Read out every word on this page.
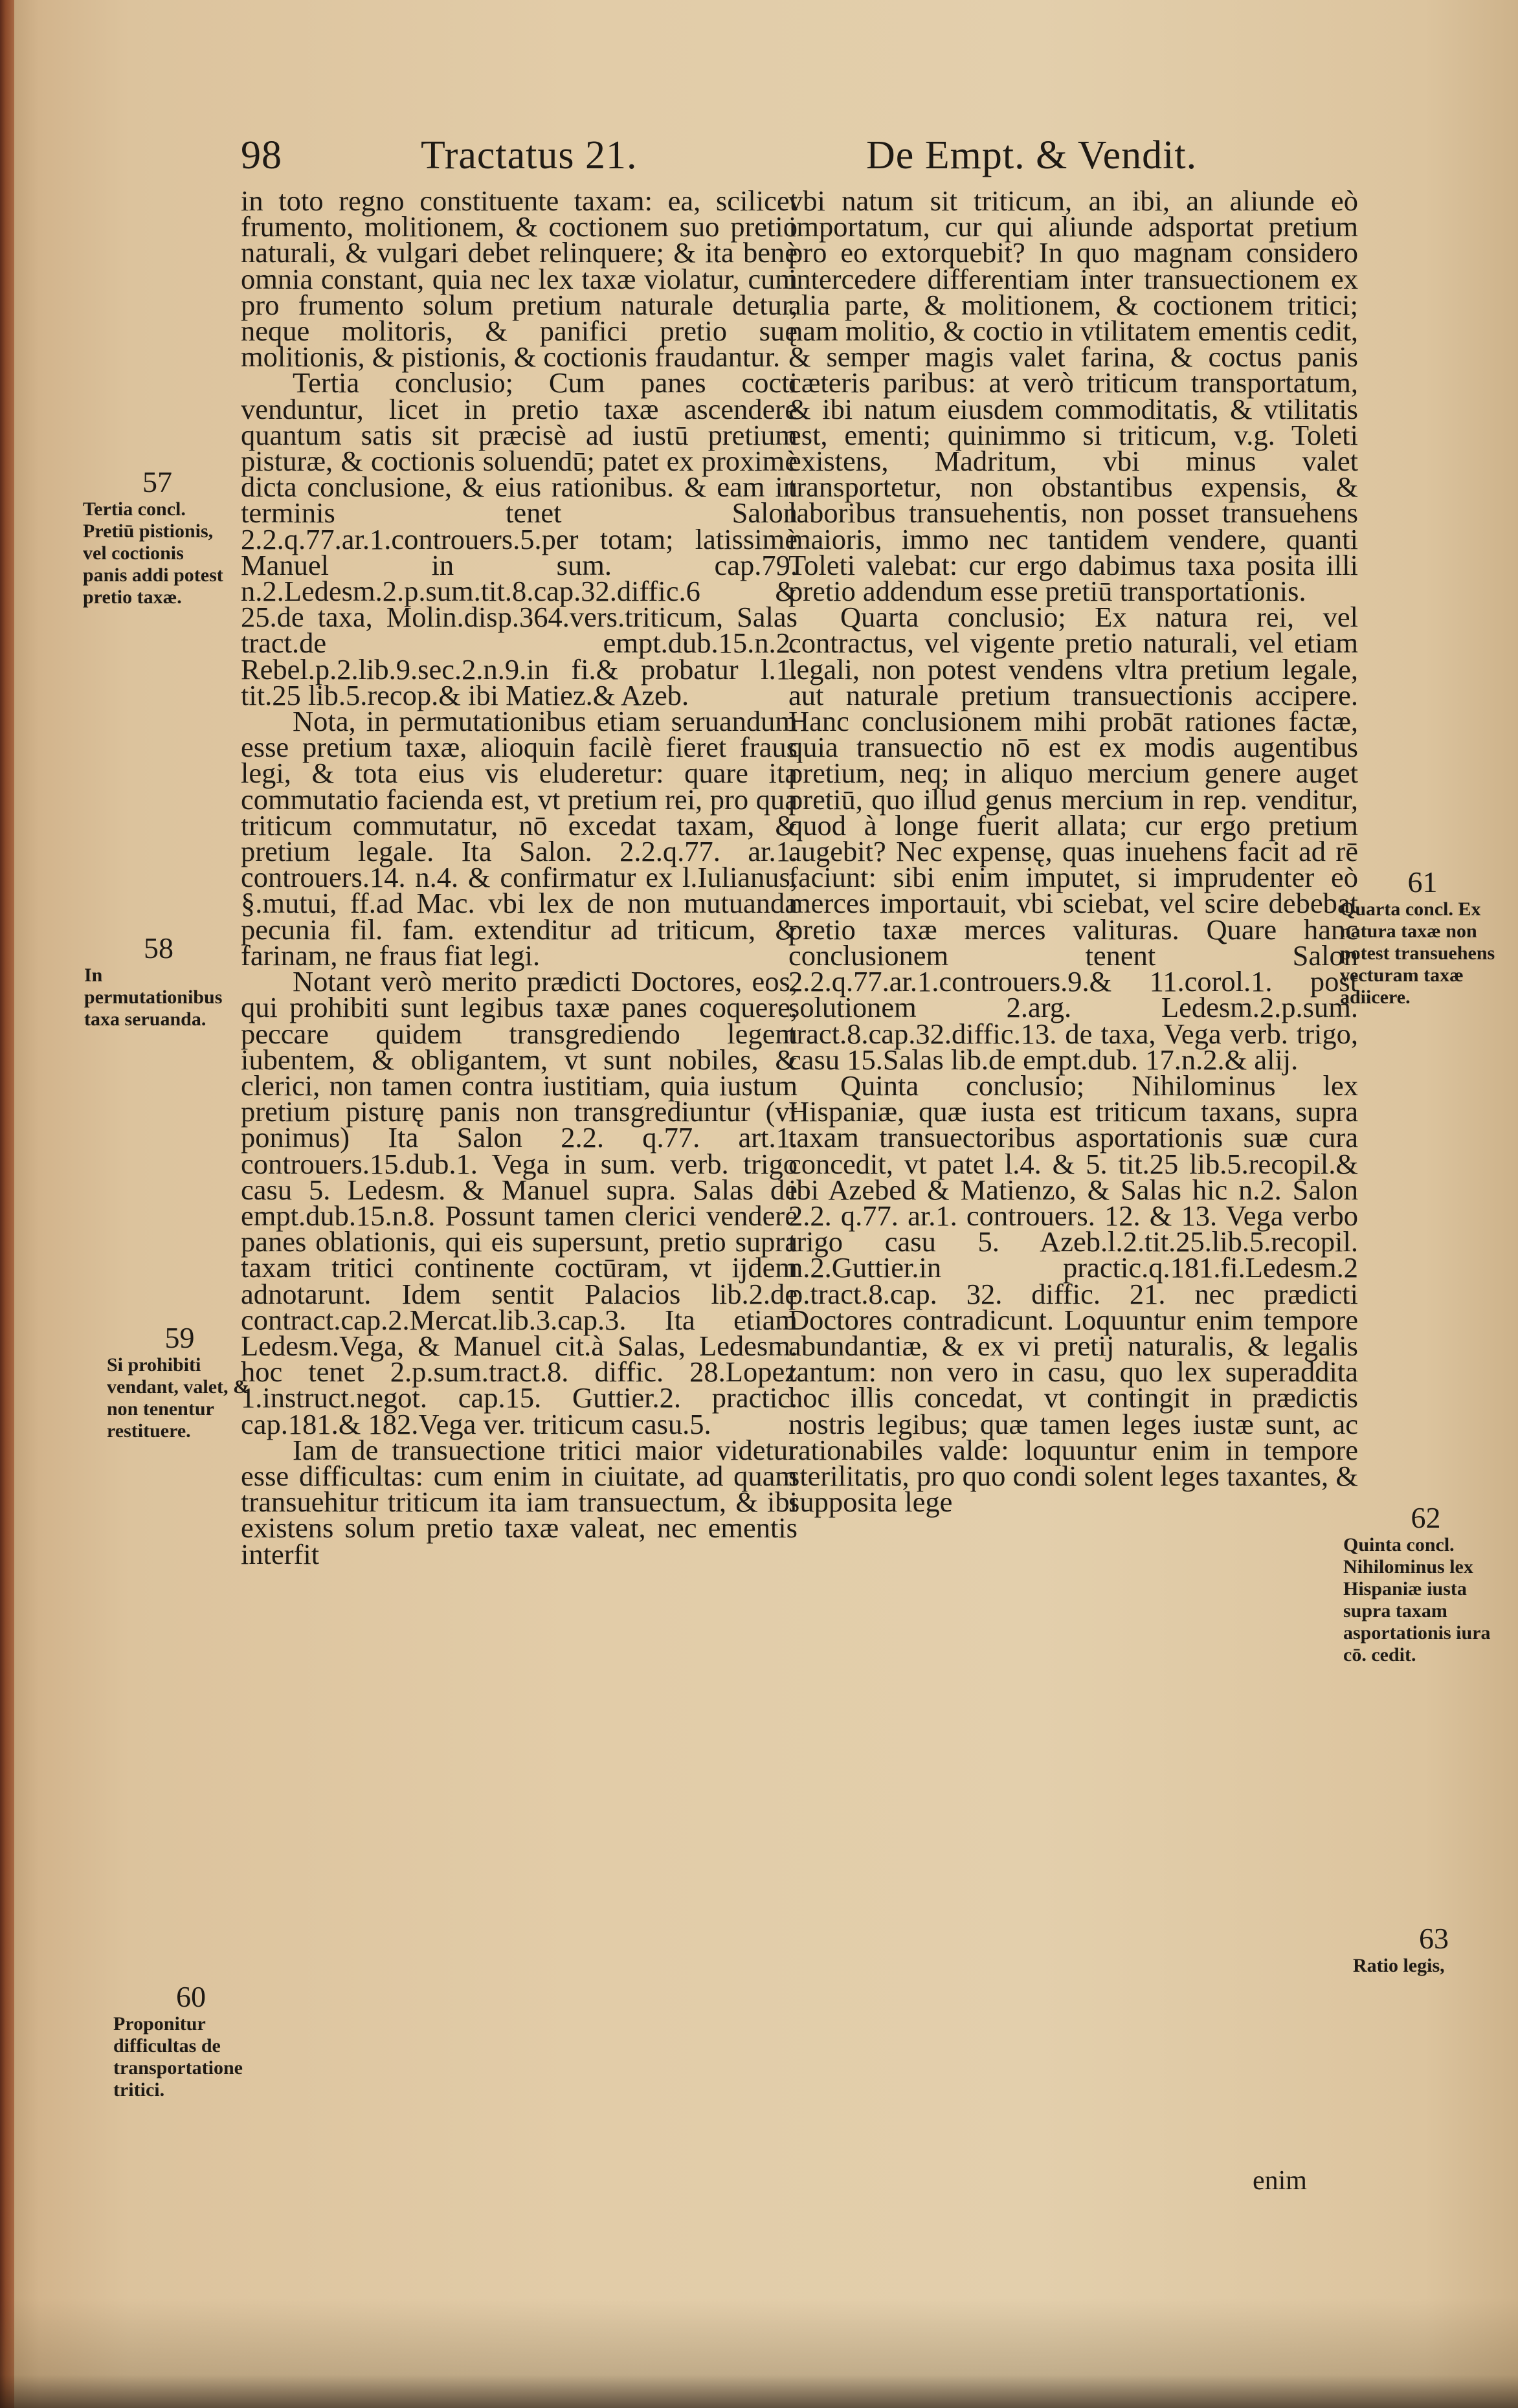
98	Tractatus 21.	De Empt. & Vendit.

in toto regno constituente taxam: ea, scilicet frumento, molitionem, & coctionem suo pretio naturali, & vulgari debet relinquere; & ita benè omnia constant, quia nec lex taxæ violatur, cum pro frumento solum pretium naturale detur, neque molitoris, & panifici pretio suę molitionis, & pistionis, & coctionis fraudantur.

Tertia conclusio; Cum panes cocti venduntur, licet in pretio taxæ ascendere quantum satis sit præcisè ad iustū pretium pisturæ, & coctionis soluendū; patet ex proximè dicta conclusione, & eius rationibus. & eam in terminis tenet Salon 2.2.q.77.ar.1.controuers.5.per totam; latissimè Manuel in sum. cap.79. n.2.Ledesm.2.p.sum.tit.8.cap.32.diffic.6 & 25.de taxa, Molin.disp.364.vers.triticum, Salas tract.de empt.dub.15.n.2. Rebel.p.2.lib.9.sec.2.n.9.in fi.& probatur l.1. tit.25 lib.5.recop.& ibi Matiez.& Azeb.

Nota, in permutationibus etiam seruandum esse pretium taxæ, alioquin facilè fieret fraus legi, & tota eius vis eluderetur: quare ita commutatio facienda est, vt pretium rei, pro qua triticum commutatur, nō excedat taxam, & pretium legale. Ita Salon. 2.2.q.77. ar.1. controuers.14. n.4. & confirmatur ex l.Iulianus, §.mutui, ff.ad Mac. vbi lex de non mutuanda pecunia fil. fam. extenditur ad triticum, & farinam, ne fraus fiat legi.

Notant verò merito prædicti Doctores, eos, qui prohibiti sunt legibus taxæ panes coquere, peccare quidem transgrediendo legem iubentem, & obligantem, vt sunt nobiles, & clerici, non tamen contra iustitiam, quia iustum pretium pisturę panis non transgrediuntur (vt ponimus) Ita Salon 2.2. q.77. art.1. controuers.15.dub.1. Vega in sum. verb. trigo casu 5. Ledesm. & Manuel supra. Salas de empt.dub.15.n.8. Possunt tamen clerici vendere panes oblationis, qui eis supersunt, pretio supra taxam tritici continente coctūram, vt ijdem adnotarunt. Idem sentit Palacios lib.2.de contract.cap.2.Mercat.lib.3.cap.3. Ita etiam Ledesm.Vega, & Manuel cit.à Salas, Ledesm. hoc tenet 2.p.sum.tract.8. diffic. 28.Lopez 1.instruct.negot. cap.15. Guttier.2. practic. cap.181.& 182.Vega ver. triticum casu.5.

Iam de transuectione tritici maior videtur esse difficultas: cum enim in ciuitate, ad quam transuehitur triticum ita iam transuectum, & ibi existens solum pretio taxæ valeat, nec ementis interfit

vbi natum sit triticum, an ibi, an aliunde eò importatum, cur qui aliunde adsportat pretium pro eo extorquebit? In quo magnam considero intercedere differentiam inter transuectionem ex alia parte, & molitionem, & coctionem tritici; nam molitio, & coctio in vtilitatem ementis cedit, & semper magis valet farina, & coctus panis cæteris paribus: at verò triticum transportatum, & ibi natum eiusdem commoditatis, & vtilitatis est, ementi; quinimmo si triticum, v.g. Toleti existens, Madritum, vbi minus valet transportetur, non obstantibus expensis, & laboribus transuehentis, non posset transuehens maioris, immo nec tantidem vendere, quanti Toleti valebat: cur ergo dabimus taxa posita illi pretio addendum esse pretiū transportationis.

Quarta conclusio; Ex natura rei, vel contractus, vel vigente pretio naturali, vel etiam legali, non potest vendens vltra pretium legale, aut naturale pretium transuectionis accipere. Hanc conclusionem mihi probāt rationes factæ, quia transuectio nō est ex modis augentibus pretium, neq; in aliquo mercium genere auget pretiū, quo illud genus mercium in rep. venditur, quod à longe fuerit allata; cur ergo pretium augebit? Nec expensę, quas inuehens facit ad rē faciunt: sibi enim imputet, si imprudenter eò merces importauit, vbi sciebat, vel scire debebat pretio taxæ merces valituras. Quare hanc conclusionem tenent Salon 2.2.q.77.ar.1.controuers.9.& 11.corol.1. post solutionem 2.arg. Ledesm.2.p.sum. tract.8.cap.32.diffic.13. de taxa, Vega verb. trigo, casu 15.Salas lib.de empt.dub. 17.n.2.& alij.

Quinta conclusio; Nihilominus lex Hispaniæ, quæ iusta est triticum taxans, supra taxam transuectoribus asportationis suæ cura concedit, vt patet l.4. & 5. tit.25 lib.5.recopil.& ibi Azebed & Matienzo, & Salas hic n.2. Salon 2.2. q.77. ar.1. controuers. 12. & 13. Vega verbo trigo casu 5. Azeb.l.2.tit.25.lib.5.recopil. n.2.Guttier.in practic.q.181.fi.Ledesm.2 p.tract.8.cap. 32. diffic. 21. nec prædicti Doctores contradicunt. Loquuntur enim tempore abundantiæ, & ex vi pretij naturalis, & legalis tantum: non vero in casu, quo lex superaddita hoc illis concedat, vt contingit in prædictis nostris legibus; quæ tamen leges iustæ sunt, ac rationabiles valde: loquuntur enim in tempore sterilitatis, pro quo condi solent leges taxantes, & supposita lege

57
Tertia concl. Pretiū pistionis, vel coctionis panis addi potest pretio taxæ.
58
In permutationibus taxa seruanda.
59
Si prohibiti vendant, valet, & non tenentur restituere.
60
Proponitur difficultas de transportatione tritici.
61
Quarta concl. Ex natura taxæ non potest transuehens vecturam taxæ adiicere.
62
Quinta concl. Nihilominus lex Hispaniæ iusta supra taxam asportationis iura cō. cedit.
63
Ratio legis,
enim
